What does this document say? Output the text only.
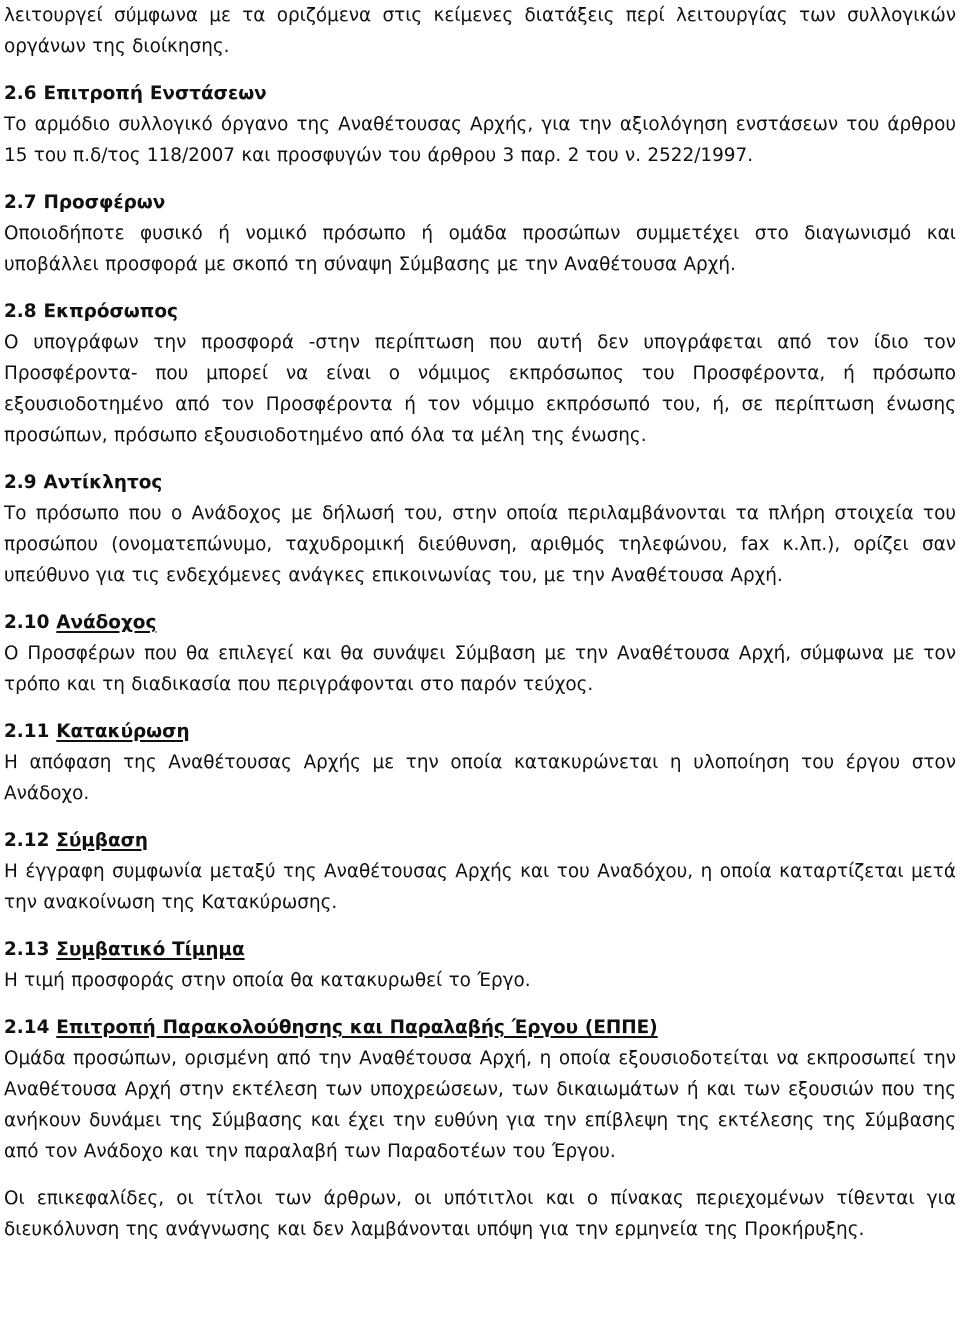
λειτουργεί σύμφωνα με τα οριζόμενα στις κείμενες διατάξεις περί λειτουργίας των συλλογικών οργάνων της διοίκησης.

2.6 Επιτροπή Ενστάσεων

Το αρμόδιο συλλογικό όργανο της Αναθέτουσας Αρχής, για την αξιολόγηση ενστάσεων του άρθρου 15 του π.δ/τος 118/2007 και προσφυγών του άρθρου 3 παρ. 2 του ν. 2522/1997.

2.7 Προσφέρων

Οποιοδήποτε φυσικό ή νομικό πρόσωπο ή ομάδα προσώπων συμμετέχει στο διαγωνισμό και υποβάλλει προσφορά με σκοπό τη σύναψη Σύμβασης με την Αναθέτουσα Αρχή.

2.8 Εκπρόσωπος

Ο υπογράφων την προσφορά -στην περίπτωση που αυτή δεν υπογράφεται από τον ίδιο τον Προσφέροντα- που μπορεί να είναι ο νόμιμος εκπρόσωπος του Προσφέροντα, ή πρόσωπο εξουσιοδοτημένο από τον Προσφέροντα ή τον νόμιμο εκπρόσωπό του, ή, σε περίπτωση ένωσης προσώπων, πρόσωπο εξουσιοδοτημένο από όλα τα μέλη της ένωσης.

2.9 Αντίκλητος

Το πρόσωπο που ο Ανάδοχος με δήλωσή του, στην οποία περιλαμβάνονται τα πλήρη στοιχεία του προσώπου (ονοματεπώνυμο, ταχυδρομική διεύθυνση, αριθμός τηλεφώνου, fax κ.λπ.), ορίζει σαν υπεύθυνο για τις ενδεχόμενες ανάγκες επικοινωνίας του, με την Αναθέτουσα Αρχή.

2.10 Ανάδοχος

Ο Προσφέρων που θα επιλεγεί και θα συνάψει Σύμβαση με την Αναθέτουσα Αρχή, σύμφωνα με τον τρόπο και τη διαδικασία που περιγράφονται στο παρόν τεύχος.

2.11 Κατακύρωση

Η απόφαση της Αναθέτουσας Αρχής με την οποία κατακυρώνεται η υλοποίηση του έργου στον Ανάδοχο.

2.12 Σύμβαση

Η έγγραφη συμφωνία μεταξύ της Αναθέτουσας Αρχής και του Αναδόχου, η οποία καταρτίζεται μετά την ανακοίνωση της Κατακύρωσης.

2.13 Συμβατικό Τίμημα

Η τιμή προσφοράς στην οποία θα κατακυρωθεί το Έργο.

2.14 Επιτροπή Παρακολούθησης και Παραλαβής Έργου (ΕΠΠΕ)

Ομάδα προσώπων, ορισμένη από την Αναθέτουσα Αρχή, η οποία εξουσιοδοτείται να εκπροσωπεί την Αναθέτουσα Αρχή στην εκτέλεση των υποχρεώσεων, των δικαιωμάτων ή και των εξουσιών που της ανήκουν δυνάμει της Σύμβασης και έχει την ευθύνη για την επίβλεψη της εκτέλεσης της Σύμβασης από τον Ανάδοχο και την παραλαβή των Παραδοτέων του Έργου.

Οι επικεφαλίδες, οι τίτλοι των άρθρων, οι υπότιτλοι και ο πίνακας περιεχομένων τίθενται για διευκόλυνση της ανάγνωσης και δεν λαμβάνονται υπόψη για την ερμηνεία της Προκήρυξης.
